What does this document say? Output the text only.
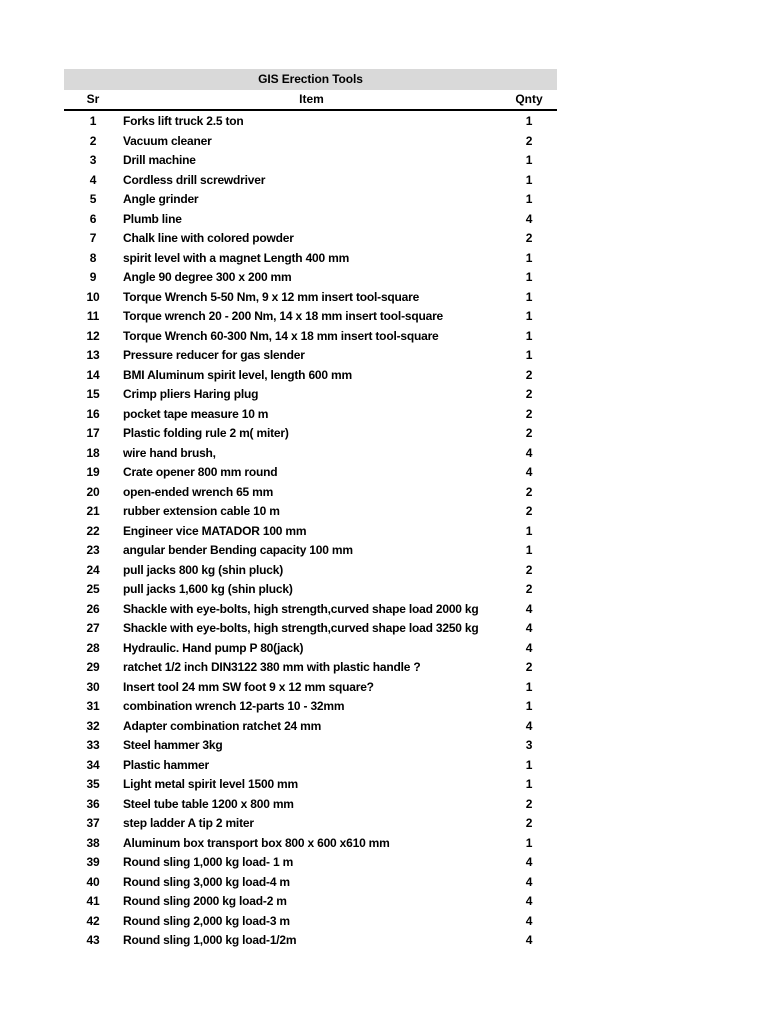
GIS Erection Tools
Sr	Item	Qnty
1	Forks lift truck 2.5 ton	1
2	Vacuum cleaner	2
3	Drill machine	1
4	Cordless drill screwdriver	1
5	Angle grinder	1
6	Plumb line	4
7	Chalk line with colored powder	2
8	spirit level with a magnet Length 400 mm	1
9	Angle 90 degree 300 x 200 mm	1
10	Torque Wrench 5-50 Nm, 9 x 12 mm insert tool-square	1
11	Torque wrench 20 - 200 Nm, 14 x 18 mm insert tool-square	1
12	Torque Wrench 60-300 Nm, 14 x 18 mm insert tool-square	1
13	Pressure reducer for gas slender	1
14	BMI Aluminum spirit level, length 600 mm	2
15	Crimp pliers Haring plug	2
16	pocket tape measure 10 m	2
17	Plastic folding rule 2 m( miter)	2
18	wire hand brush,	4
19	Crate opener 800 mm round	4
20	open-ended wrench 65 mm	2
21	rubber extension cable 10 m	2
22	Engineer vice MATADOR 100 mm	1
23	angular bender Bending capacity 100 mm	1
24	pull jacks 800 kg (shin pluck)	2
25	pull jacks 1,600 kg (shin pluck)	2
26	Shackle with eye-bolts, high strength,curved shape load 2000 kg	4
27	Shackle with eye-bolts, high strength,curved shape load 3250 kg	4
28	Hydraulic. Hand pump P 80(jack)	4
29	ratchet 1/2 inch DIN3122 380 mm with plastic handle ?	2
30	Insert tool 24 mm SW foot 9 x 12 mm square?	1
31	combination wrench 12-parts 10 - 32mm	1
32	Adapter combination ratchet 24 mm	4
33	Steel hammer 3kg	3
34	Plastic hammer	1
35	Light metal spirit level 1500 mm	1
36	Steel tube table 1200 x 800 mm	2
37	step ladder A tip 2 miter	2
38	Aluminum box transport box 800 x 600 x610 mm	1
39	Round sling 1,000 kg load- 1 m	4
40	Round sling 3,000 kg load-4 m	4
41	Round sling 2000 kg load-2 m	4
42	Round sling 2,000 kg load-3 m	4
43	Round sling 1,000 kg load-1/2m	4
